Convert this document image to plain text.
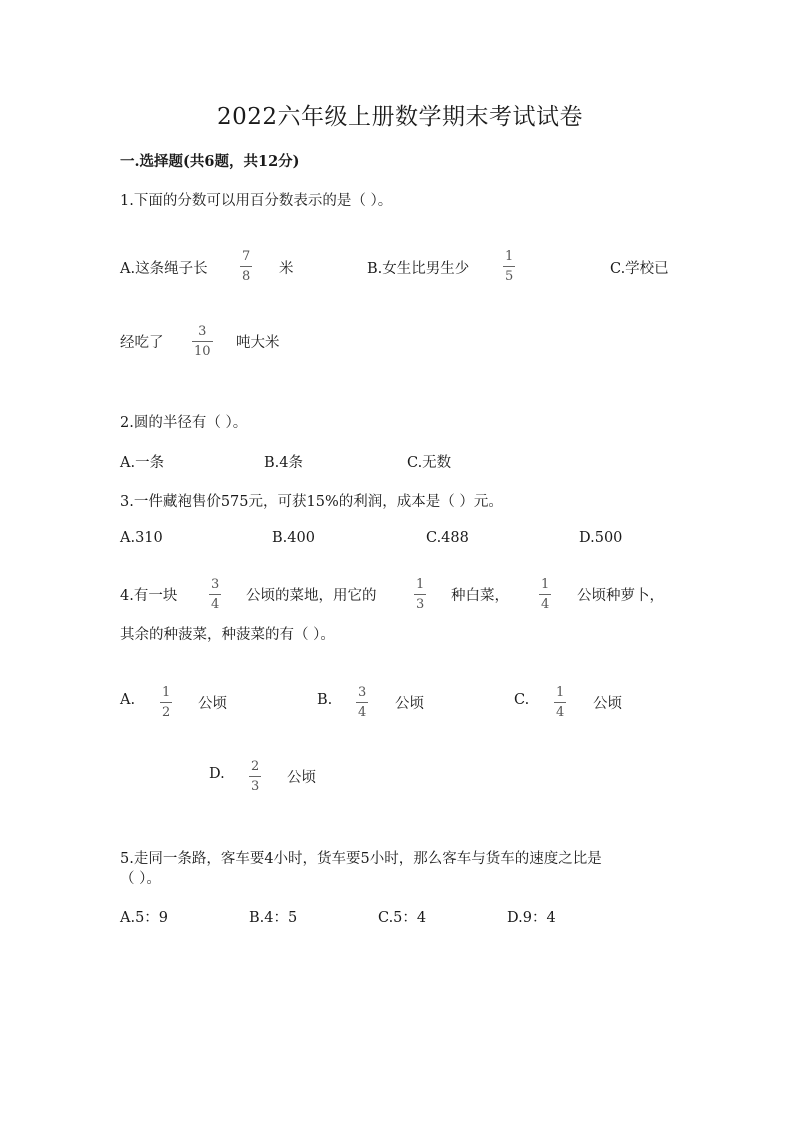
2022六年级上册数学期末考试试卷
一.选择题(共6题，共12分)
1.下面的分数可以用百分数表示的是（ ）。
A.这条绳子长
7
8 米	B.女生比男生少
1
5	C.学校已
经吃了
3
10
吨大米
2.圆的半径有（ ）。
A.一条	B.4条	C.无数
3.一件藏袍售价575元，可获15%的利润，成本是（ ）元。
A.310	B.400	C.488	D.500
4.有一块
3
4
公顷的菜地，用它的
1
3
种白菜，
1
4
公顷种萝卜，
其余的种菠菜，种菠菜的有（ ）。
A. 1
2
公顷	B. 3
4
公顷	C. 1
4
公顷
D. 2
3
公顷
5.走同一条路，客车要4小时，货车要5小时，那么客车与货车的速度之比是
（ ）。
A.5：9	B.4：5	C.5：4	D.9：4
